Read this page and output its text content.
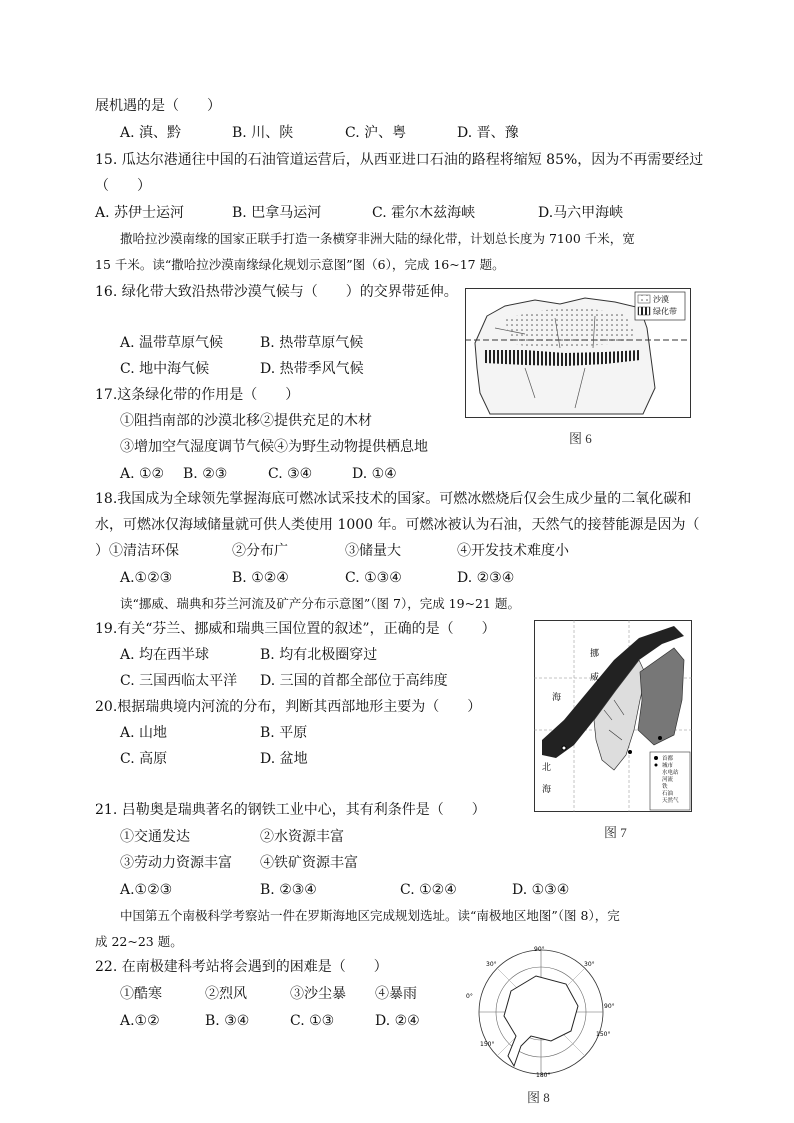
展机遇的是（　　）
A. 滇、黔	B. 川、陕	C. 沪、粤	D. 晋、豫
15. 瓜达尔港通往中国的石油管道运营后，从西亚进口石油的路程将缩短 85%，因为不再需要经过
（　　）
A. 苏伊士运河	B. 巴拿马运河	C. 霍尔木兹海峡	D.马六甲海峡
撒哈拉沙漠南缘的国家正联手打造一条横穿非洲大陆的绿化带，计划总长度为 7100 千米，宽
15 千米。读“撒哈拉沙漠南缘绿化规划示意图”图（6），完成 16~17 题。
16. 绿化带大致沿热带沙漠气候与（　　）的交界带延伸。
A. 温带草原气候	B. 热带草原气候
C. 地中海气候	D. 热带季风气候
17.这条绿化带的作用是（　　）
①阻挡南部的沙漠北移②提供充足的木材
③增加空气湿度调节气候④为野生动物提供栖息地
A. ①② B. ②③	C. ③④	D. ①④
18.我国成为全球领先掌握海底可燃冰试采技术的国家。可燃冰燃烧后仅会生成少量的二氧化碳和
水，可燃冰仅海域储量就可供人类使用 1000 年。可燃冰被认为石油，天然气的接替能源是因为（
）①清洁环保	②分布广	③储量大	④开发技术难度小
A.①②③	B. ①②④	C. ①③④	D. ②③④
读“挪威、瑞典和芬兰河流及矿产分布示意图”（图 7），完成 19~21 题。
19.有关“芬兰、挪威和瑞典三国位置的叙述”，正确的是（　　）
A. 均在西半球	B. 均有北极圈穿过
C. 三国西临太平洋 D. 三国的首都全部位于高纬度
20.根据瑞典境内河流的分布，判断其西部地形主要为（　　）
A. 山地	B. 平原
C. 高原	D. 盆地
21. 吕勒奥是瑞典著名的钢铁工业中心，其有利条件是（　　）
①交通发达	②水资源丰富
③劳动力资源丰富 ④铁矿资源丰富
A.①②③	B. ②③④	C. ①②④	D. ①③④
中国第五个南极科学考察站一件在罗斯海地区完成规划选址。读“南极地区地图”（图 8），完
成 22~23 题。
22. 在南极建科考站将会遇到的困难是（　　）
①酷寒	②烈风	③沙尘暴 ④暴雨
A.①②	B. ③④	C. ①③	D. ②④
沙漠
绿化带
图 6
挪
威
海
北
海
首都
城市
水电站
河流
铁
石油
天然气
图 7
90°
0°
90°
180°
150°
150°
30°	30°
图 8
